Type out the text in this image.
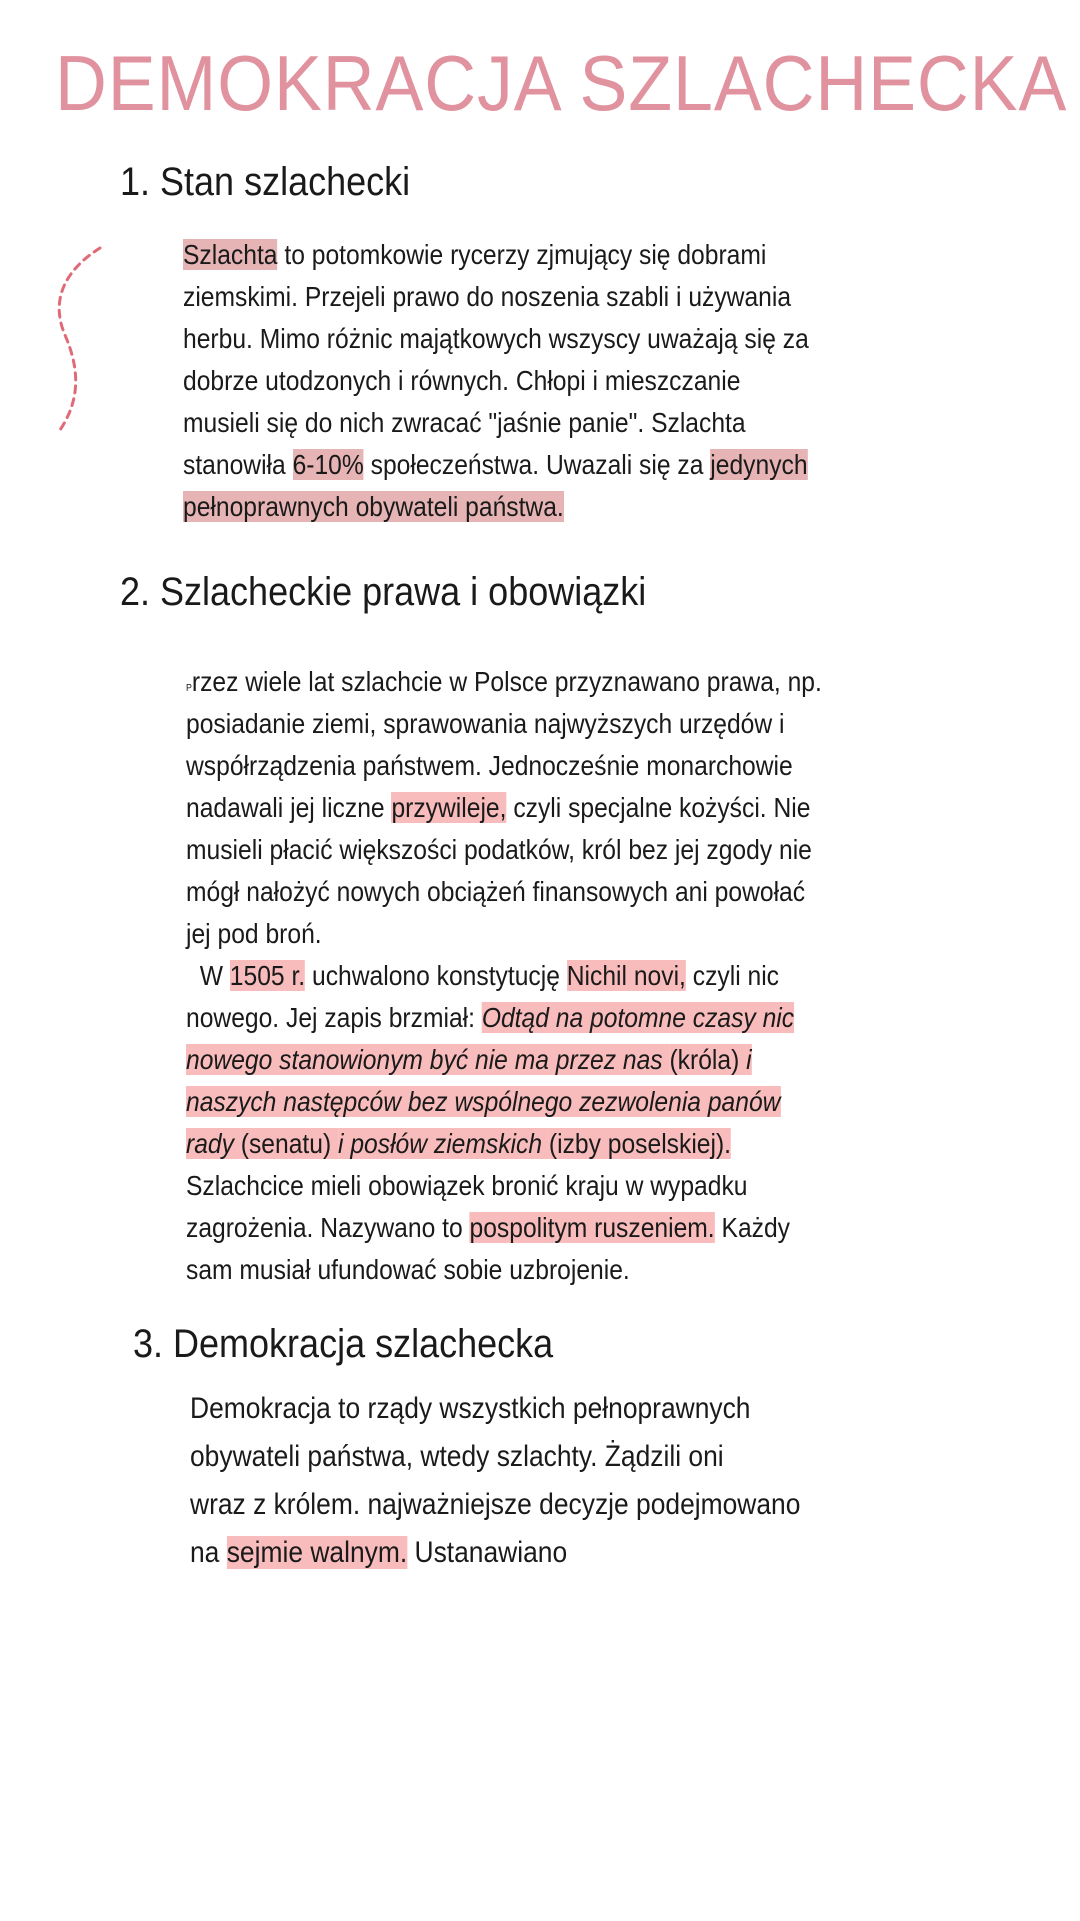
DEMOKRACJA SZLACHECKA
1. Stan szlachecki
Szlachta to potomkowie rycerzy zjmujący się dobrami
ziemskimi. Przejeli prawo do noszenia szabli i używania
herbu. Mimo różnic majątkowych wszyscy uważają się za
dobrze utodzonych i równych. Chłopi i mieszczanie
musieli się do nich zwracać "jaśnie panie". Szlachta
stanowiła 6-10% społeczeństwa. Uwazali się za jedynych
pełnoprawnych obywateli państwa.
2. Szlacheckie prawa i obowiązki
Przez wiele lat szlachcie w Polsce przyznawano prawa, np.
posiadanie ziemi, sprawowania najwyższych urzędów i
współrządzenia państwem. Jednocześnie monarchowie
nadawali jej liczne przywileje, czyli specjalne kożyści. Nie
musieli płacić większości podatków, król bez jej zgody nie
mógł nałożyć nowych obciążeń finansowych ani powołać
jej pod broń.
W 1505 r. uchwalono konstytucję Nichil novi, czyli nic
nowego. Jej zapis brzmiał: Odtąd na potomne czasy nic
nowego stanowionym być nie ma przez nas (króla) i
naszych następców bez wspólnego zezwolenia panów
rady (senatu) i posłów ziemskich (izby poselskiej).
Szlachcice mieli obowiązek bronić kraju w wypadku
zagrożenia. Nazywano to pospolitym ruszeniem. Każdy
sam musiał ufundować sobie uzbrojenie.
3. Demokracja szlachecka
Demokracja to rządy wszystkich pełnoprawnych
obywateli państwa, wtedy szlachty. Żądzili oni
wraz z królem. najważniejsze decyzje podejmowano
na sejmie walnym. Ustanawiano
